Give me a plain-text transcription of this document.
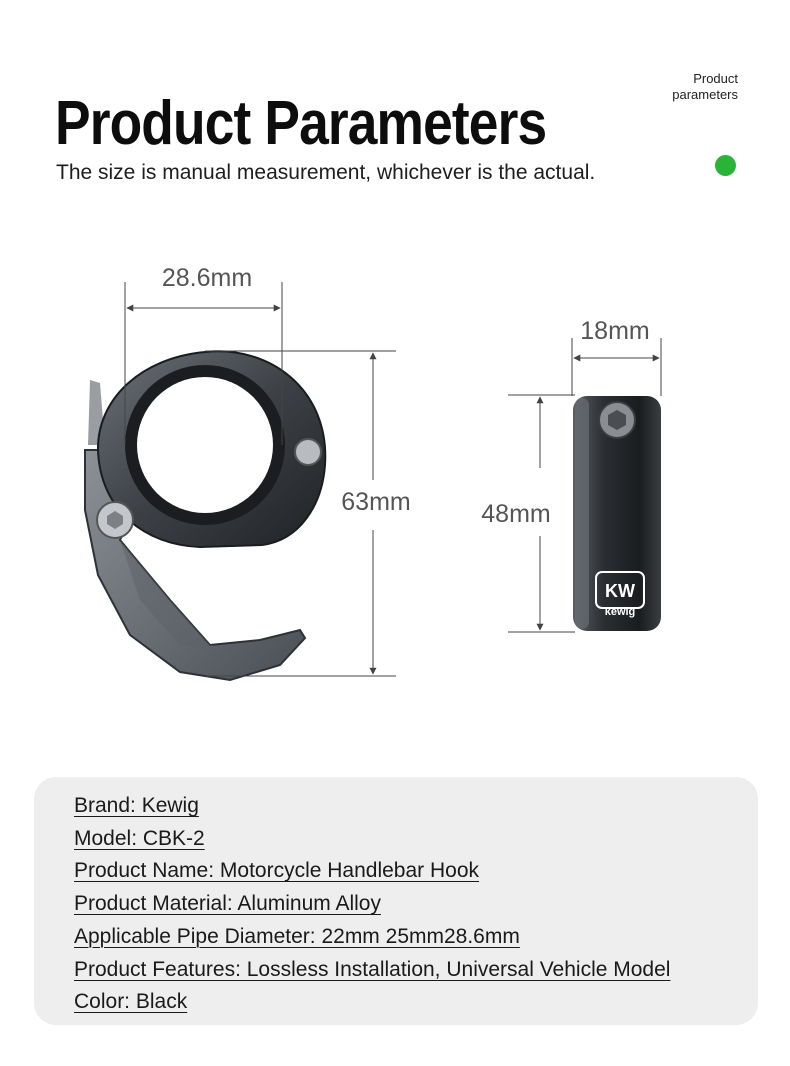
Product Parameters

The size is manual measurement, whichever is the actual.

Product
parameters
KW
kewig
28.6mm
63mm
18mm
48mm
Brand: Kewig
Model: CBK-2
Product Name: Motorcycle Handlebar Hook
Product Material: Aluminum Alloy
Applicable Pipe Diameter: 22mm 25mm28.6mm
Product Features: Lossless Installation, Universal Vehicle Model
Color: Black
